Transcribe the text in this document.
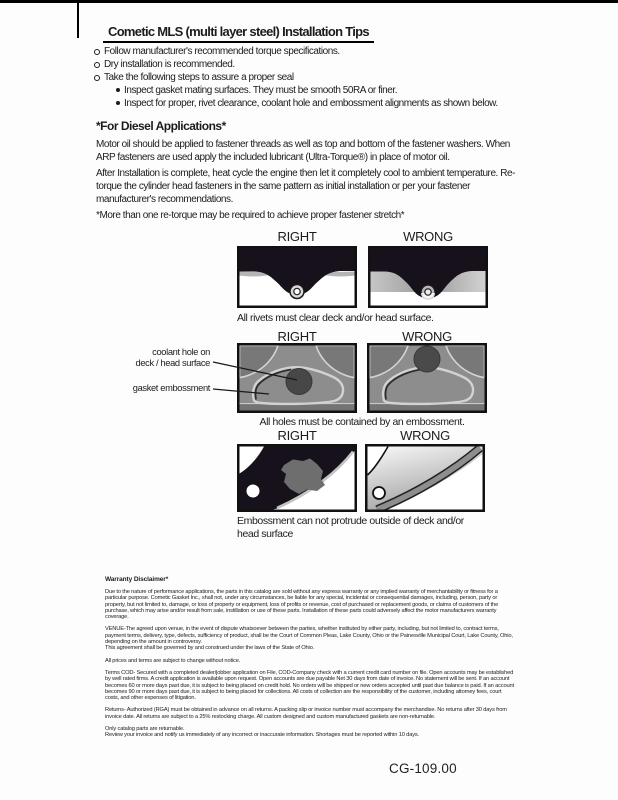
Cometic MLS (multi layer steel) Installation Tips
Follow manufacturer's recommended torque specifications.
Dry installation is recommended.
Take the following steps to assure a proper seal
Inspect gasket mating surfaces. They must be smooth 50RA or finer.
Inspect for proper, rivet clearance, coolant hole and embossment alignments as shown below.
*For Diesel Applications*
Motor oil should be applied to fastener threads as well as top and bottom of the fastener washers. When ARP fasteners are used apply the included lubricant (Ultra-Torque®) in place of motor oil.
After Installation is complete, heat cycle the engine then let it completely cool to ambient temperature. Re-torque the cylinder head fasteners in the same pattern as initial installation or per your fastener manufacturer's recommendations.
*More than one re-torque may be required to achieve proper fastener stretch*
RIGHT	WRONG
All rivets must clear deck and/or head surface.
RIGHT	WRONG
coolant hole on
deck / head surface
gasket embossment
All holes must be contained by an embossment.
RIGHT	WRONG
Embossment can not protrude outside of deck and/or head surface
Warranty Disclaimer*
Due to the nature of performance applications, the parts in this catalog are sold without any express warranty or any implied warranty of merchantability or fitness for a particular purpose. Cometic Gasket Inc., shall not, under any circumstances, be liable for any special, incidental or consequential damages, including, person, party or property, but not limited to, damage, or loss of property or equipment, loss of profits or revenue, cost of purchased or replacement goods, or claims of customers of the purchase, which may arise and/or result from sale, instillation or use of these parts. Installation of these parts could adversely affect the motor manufacturers warranty coverage.
VENUE-The agreed upon venue, in the event of dispute whatsoever between the parties, whether instituted by either party, including, but not limited to, contract terms, payment terms, delivery, type, defects, sufficiency of product, shall be the Court of Common Pleas, Lake County, Ohio or the Painesville Municipal Court, Lake County, Ohio, depending on the amount in controversy.
This agreement shall be governed by and construed under the laws of the State of Ohio.
All prices and terms are subject to change without notice.
Terms COD- Secured with a completed dealer/jobber application on File, COD-Company check with a current credit card number on file. Open accounts may be established by well rated firms. A credit application is available upon request. Open accounts are due payable Net 30 days from date of invoice. No statement will be sent. If an account becomes 60 or more days past due, it is subject to being placed on credit hold. No orders will be shipped or new orders accepted until past due balance is paid. If an account becomes 90 or more days past due, it is subject to being placed for collections. All costs of collection are the responsibility of the customer, including attorney fees, court costs, and other expenses of litigation.
Returns- Authorized (RGA) must be obtained in advance on all returns. A packing slip or invoice number must accompany the merchandise. No returns after 30 days from invoice date. All returns are subject to a 25% restocking charge. All custom designed and custom manufactured gaskets are non-returnable.
Only catalog parts are returnable.
Review your invoice and notify us immediately of any incorrect or inaccurate information. Shortages must be reported within 10 days.
CG-109.00
